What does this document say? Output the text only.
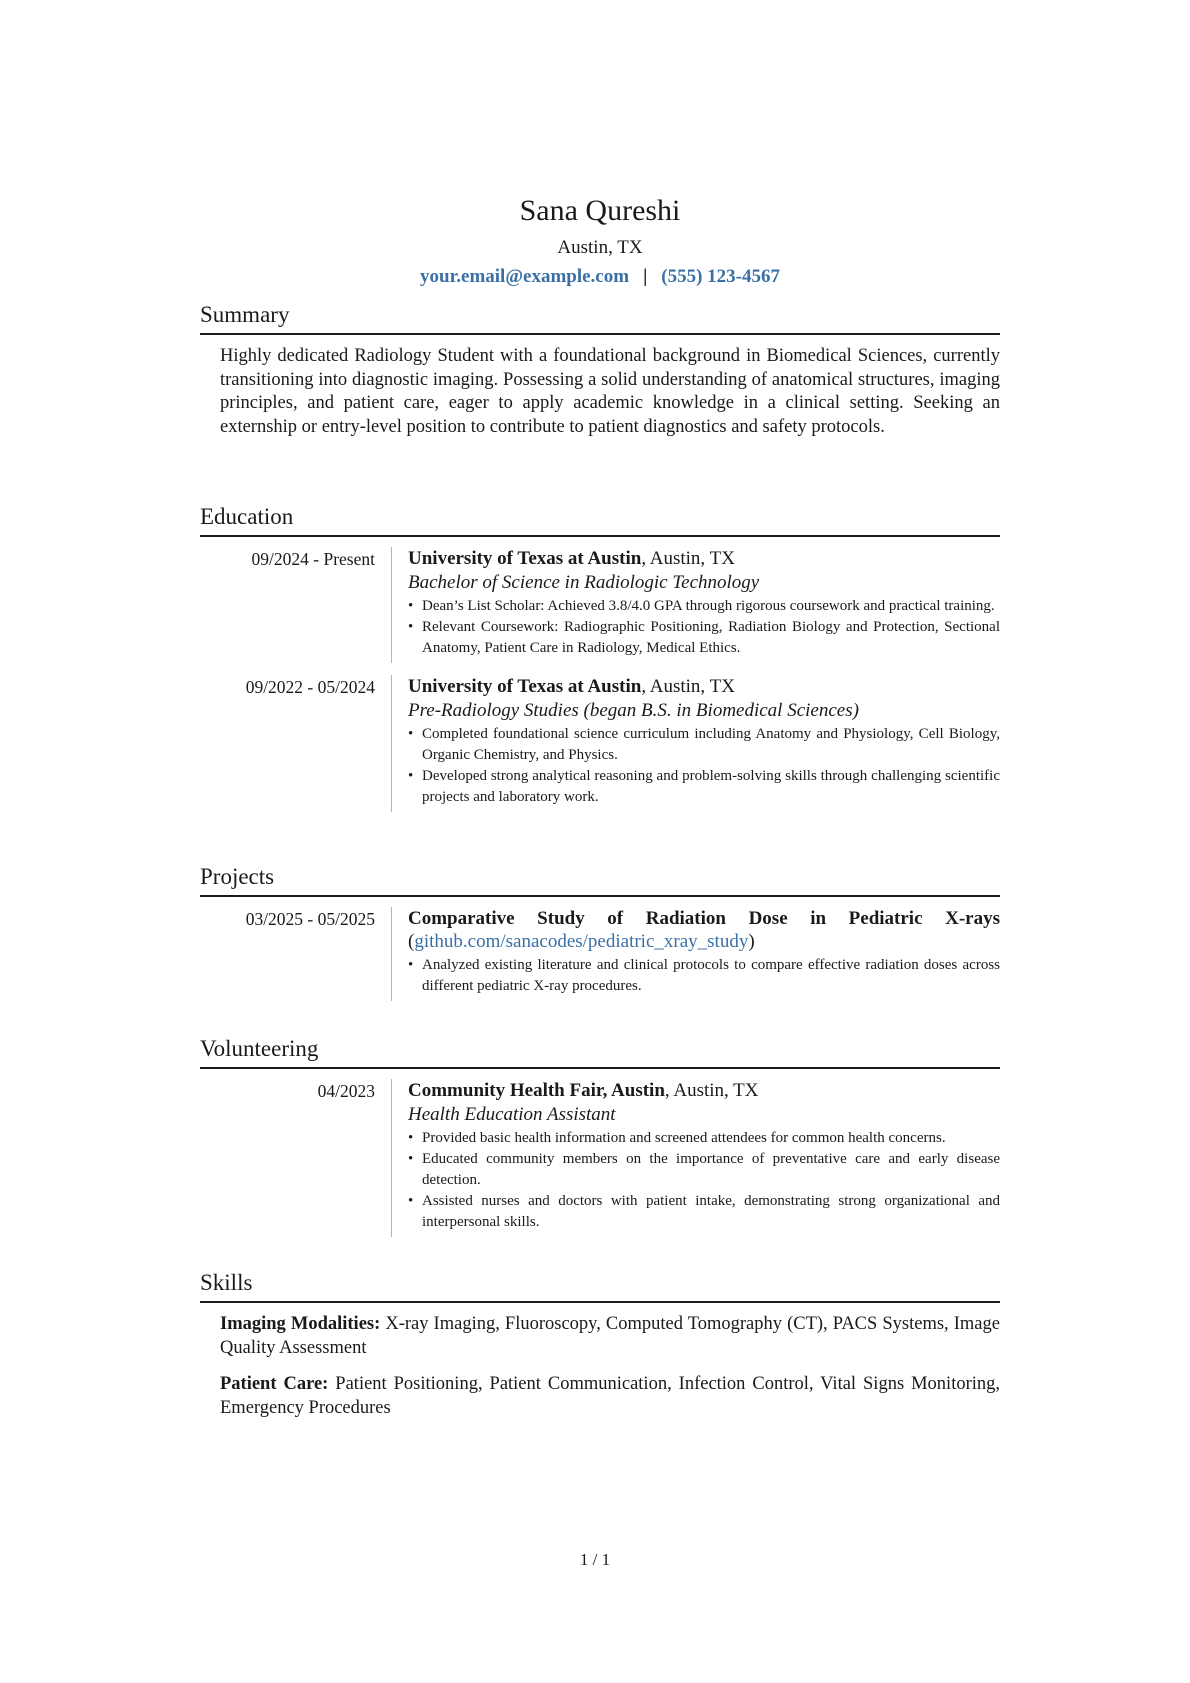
Sana Qureshi
Austin, TX
your.email@example.com | (555) 123-4567
Summary
Highly dedicated Radiology Student with a foundational background in Biomedical Sciences, currently transitioning into diagnostic imaging. Possessing a solid understanding of anatomical structures, imaging principles, and patient care, eager to apply academic knowledge in a clinical setting. Seeking an externship or entry-level position to contribute to patient diagnostics and safety protocols.
Education
09/2024 - Present	University of Texas at Austin, Austin, TX
Bachelor of Science in Radiologic Technology
• Dean’s List Scholar: Achieved 3.8/4.0 GPA through rigorous coursework and practical training.
• Relevant Coursework: Radiographic Positioning, Radiation Biology and Protection, Sectional Anatomy, Patient Care in Radiology, Medical Ethics.
09/2022 - 05/2024	University of Texas at Austin, Austin, TX
Pre-Radiology Studies (began B.S. in Biomedical Sciences)
• Completed foundational science curriculum including Anatomy and Physiology, Cell Biology, Organic Chemistry, and Physics.
• Developed strong analytical reasoning and problem-solving skills through challenging scientific projects and laboratory work.
Projects
03/2025 - 05/2025	Comparative Study of Radiation Dose in Pediatric X-rays
(github.com/sanacodes/pediatric_xray_study)
• Analyzed existing literature and clinical protocols to compare effective radiation doses across different pediatric X-ray procedures.
Volunteering
04/2023	Community Health Fair, Austin, Austin, TX
Health Education Assistant
• Provided basic health information and screened attendees for common health concerns.
• Educated community members on the importance of preventative care and early disease detection.
• Assisted nurses and doctors with patient intake, demonstrating strong organizational and interpersonal skills.
Skills
Imaging Modalities: X-ray Imaging, Fluoroscopy, Computed Tomography (CT), PACS Systems, Image Quality Assessment
Patient Care: Patient Positioning, Patient Communication, Infection Control, Vital Signs Monitoring, Emergency Procedures
1 / 1
